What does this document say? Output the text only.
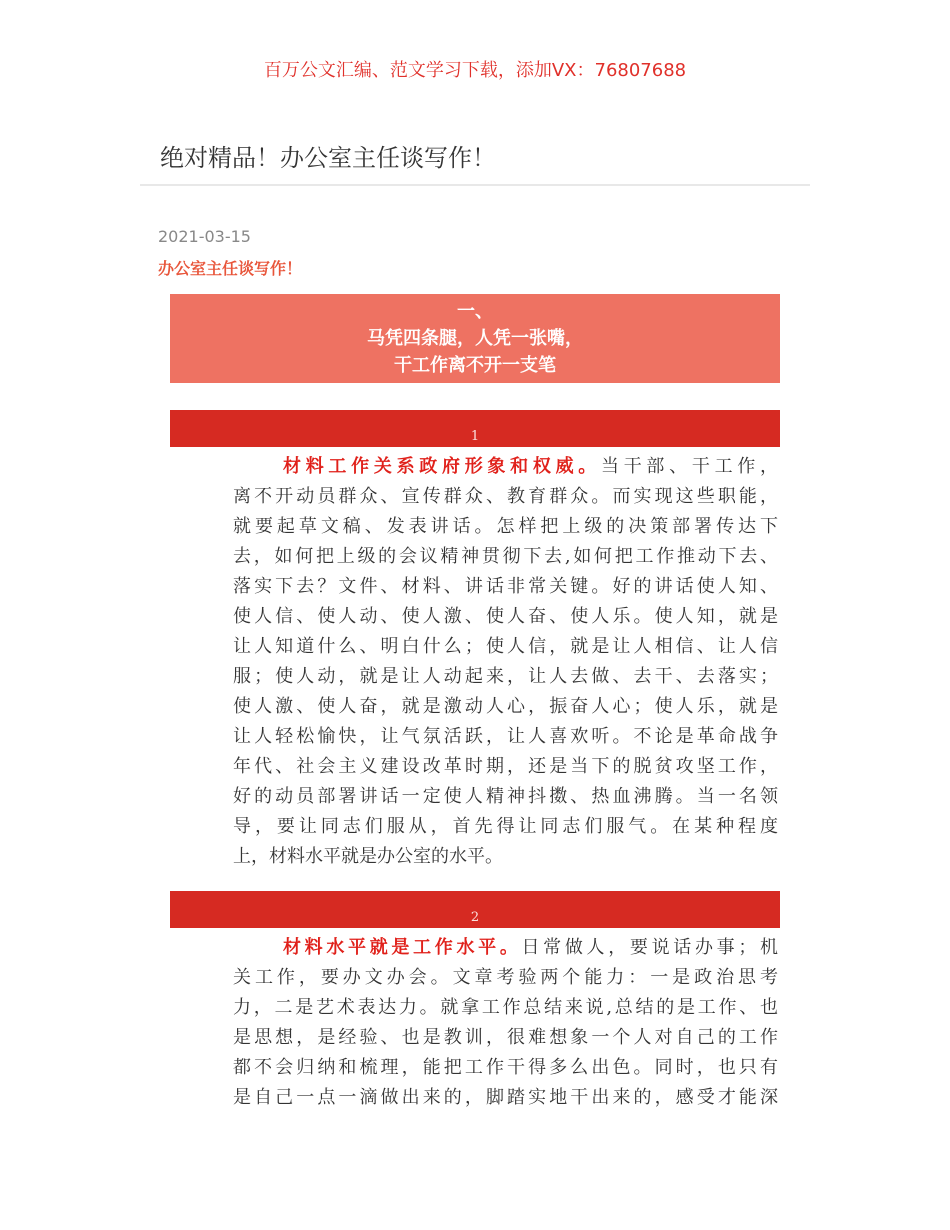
百万公文汇编、范文学习下载，添加VX：76807688
绝对精品！办公室主任谈写作！
2021-03-15
办公室主任谈写作！
一、
马凭四条腿，人凭一张嘴，
干工作离不开一支笔
1
材料工作关系政府形象和权威。当干部、干工作，
离不开动员群众、宣传群众、教育群众。而实现这些职能，
就要起草文稿、发表讲话。怎样把上级的决策部署传达下
去，如何把上级的会议精神贯彻下去,如何把工作推动下去、
落实下去？文件、材料、讲话非常关键。好的讲话使人知、
使人信、使人动、使人激、使人奋、使人乐。使人知，就是
让人知道什么、明白什么；使人信，就是让人相信、让人信
服；使人动，就是让人动起来，让人去做、去干、去落实；
使人激、使人奋，就是激动人心，振奋人心；使人乐，就是
让人轻松愉快，让气氛活跃，让人喜欢听。不论是革命战争
年代、社会主义建设改革时期，还是当下的脱贫攻坚工作，
好的动员部署讲话一定使人精神抖擞、热血沸腾。当一名领
导，要让同志们服从，首先得让同志们服气。在某种程度
上，材料水平就是办公室的水平。
2
材料水平就是工作水平。日常做人，要说话办事；机
关工作，要办文办会。文章考验两个能力：一是政治思考
力，二是艺术表达力。就拿工作总结来说,总结的是工作、也
是思想，是经验、也是教训，很难想象一个人对自己的工作
都不会归纳和梳理，能把工作干得多么出色。同时，也只有
是自己一点一滴做出来的，脚踏实地干出来的，感受才能深
